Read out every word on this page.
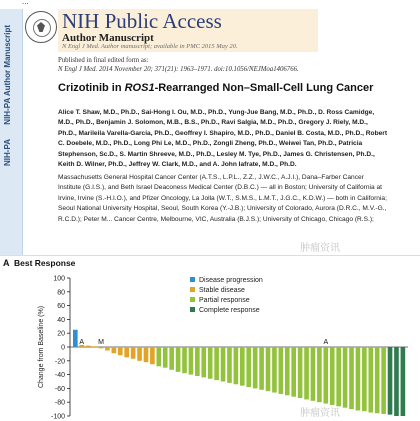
...
NIH-PA Author Manuscript
NIH-PA
NIH Public Access
Author Manuscript
N Engl J Med. Author manuscript; available in PMC 2015 May 20.
Published in final edited form as:
N Engl J Med. 2014 November 20; 371(21): 1963–1971. doi:10.1056/NEJMoa1406766.
Crizotinib in ROS1-Rearranged Non–Small-Cell Lung Cancer
Alice T. Shaw, M.D., Ph.D., Sai-Hong I. Ou, M.D., Ph.D., Yung-Jue Bang, M.D., Ph.D., D. Ross Camidge, M.D., Ph.D., Benjamin J. Solomon, M.B., B.S., Ph.D., Ravi Salgia, M.D., Ph.D., Gregory J. Riely, M.D., Ph.D., Marileila Varella-Garcia, Ph.D., Geoffrey I. Shapiro, M.D., Ph.D., Daniel B. Costa, M.D., Ph.D., Robert C. Doebele, M.D., Ph.D., Long Phi Le, M.D., Ph.D., Zongli Zheng, Ph.D., Weiwei Tan, Ph.D., Patricia Stephenson, Sc.D., S. Martin Shreeve, M.D., Ph.D., Lesley M. Tye, Ph.D., James G. Christensen, Ph.D., Keith D. Wilner, Ph.D., Jeffrey W. Clark, M.D., and A. John Iafrate, M.D., Ph.D.
Massachusetts General Hospital Cancer Center (A.T.S., L.P.L., Z.Z., J.W.C., A.J.I.), Dana–Farber Cancer Institute (G.I.S.), and Beth Israel Deaconess Medical Center (D.B.C.) — all in Boston; University of California at Irvine, Irvine (S.-H.I.O.), and Pfizer Oncology, La Jolla (W.T., S.M.S., L.M.T., J.G.C., K.D.W.) — both in California; Seoul National University Hospital, Seoul, South Korea (Y.-J.B.); University of Colorado, Aurora (D.R.C., M.V.-G., R.C.D.); Peter M... Cancer Centre, Melbourne, VIC, Australia (B.J.S.); University of Chicago, Chicago (R.S.);
肿瘤资讯
A Best Response
100
80
60
40
20
0
-20
-40
-60
-80
-100
Change from Baseline (%)	A M	A
Disease progression
Stable disease
Partial response
Complete response
肿瘤资讯
